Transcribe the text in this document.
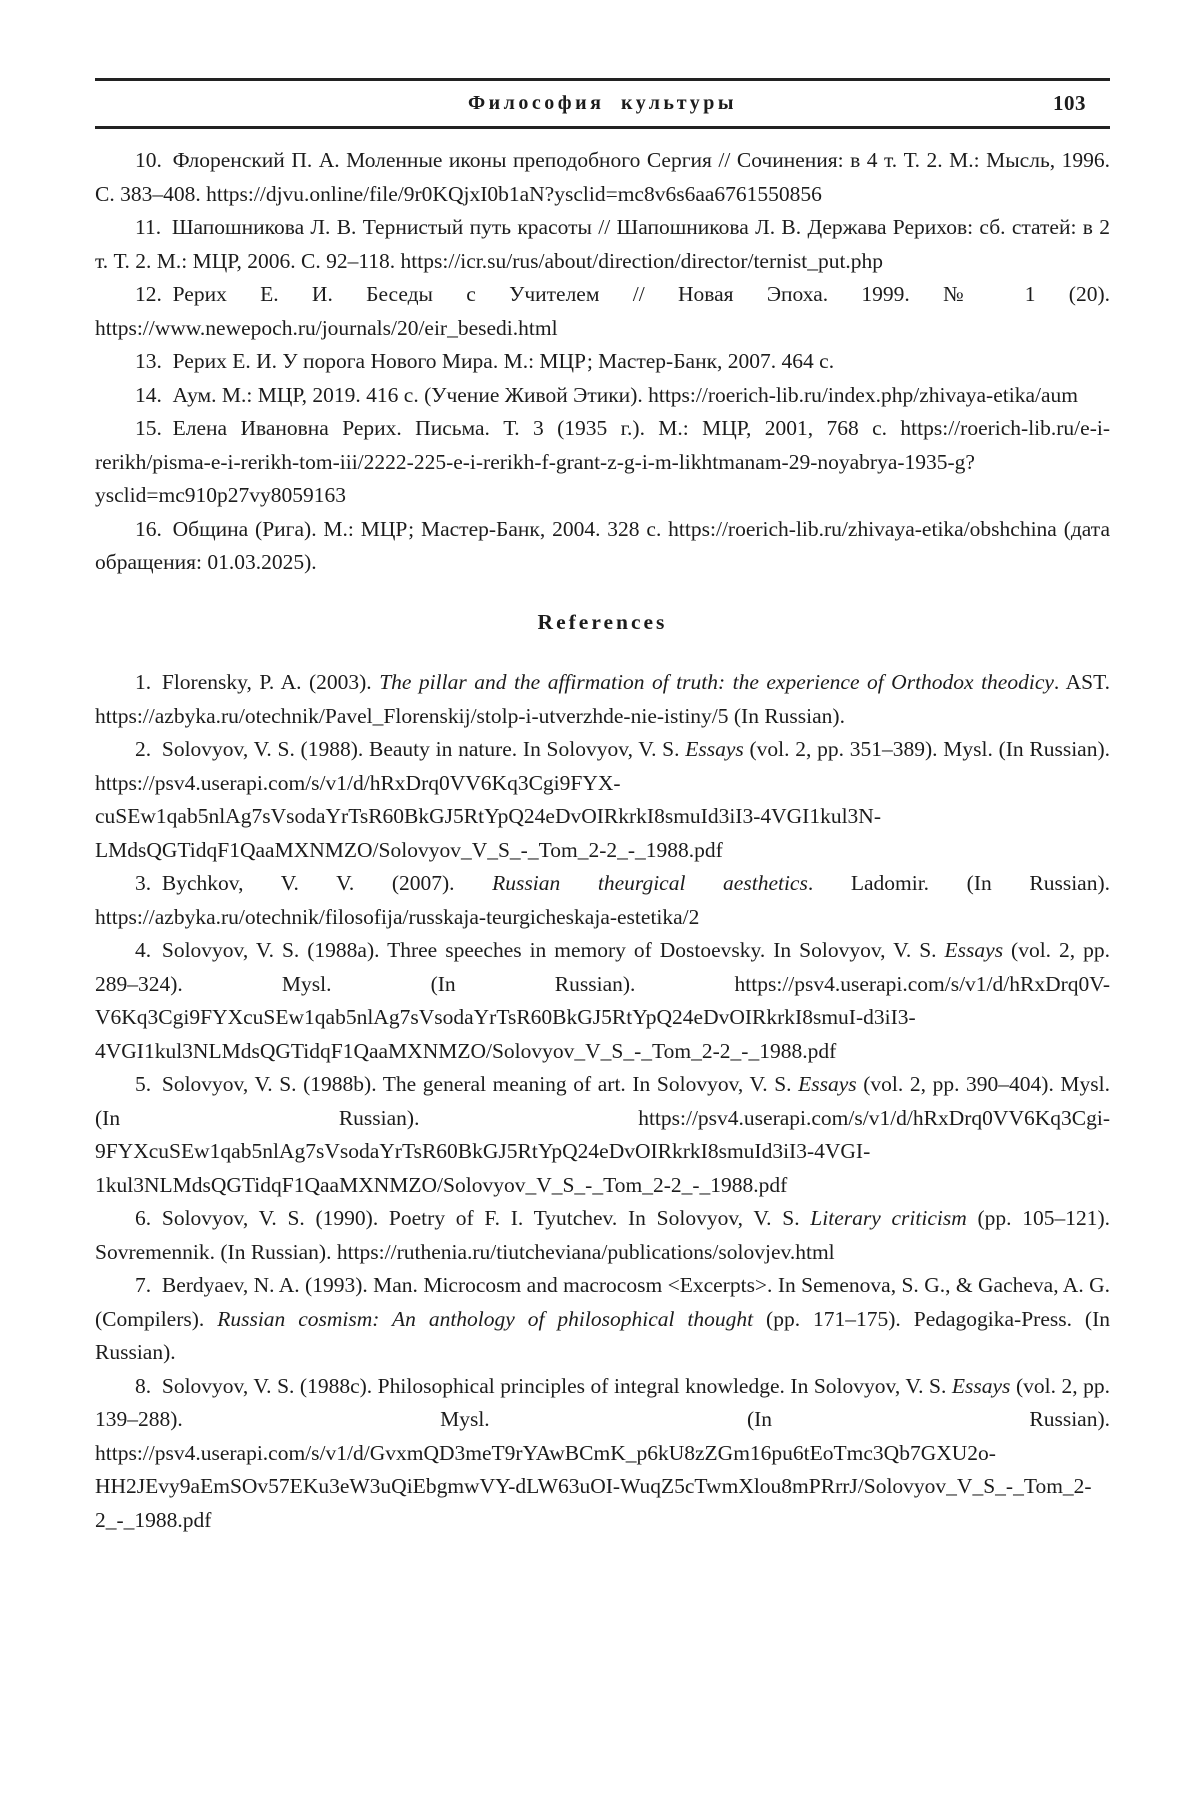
Философия культуры	103

10. Флоренский П. А. Моленные иконы преподобного Сергия // Сочинения: в 4 т. Т. 2. М.: Мысль, 1996. С. 383–408. https://djvu.online/file/9r0KQjxI0b1aN?ysclid=mc8v6s6aa6761550856

11. Шапошникова Л. В. Тернистый путь красоты // Шапошникова Л. В. Держава Рерихов: сб. статей: в 2 т. Т. 2. М.: МЦР, 2006. С. 92–118. https://icr.su/rus/about/direction/director/ternist_put.php

12. Рерих Е. И. Беседы с Учителем // Новая Эпоха. 1999. № 1 (20). https://www.newepoch.ru/journals/20/eir_besedi.html

13. Рерих Е. И. У порога Нового Мира. М.: МЦР; Мастер-Банк, 2007. 464 с.

14. Аум. М.: МЦР, 2019. 416 с. (Учение Живой Этики). https://roerich-lib.ru/index.php/zhivaya-etika/aum

15. Елена Ивановна Рерих. Письма. Т. 3 (1935 г.). М.: МЦР, 2001, 768 с. https://roerich-lib.ru/e-i-rerikh/pisma-e-i-rerikh-tom-iii/2222-225-e-i-rerikh-f-grant-z-g-i-m-likhtmanam-29-noyabrya-1935-g?ysclid=mc910p27vy8059163

16. Община (Рига). М.: МЦР; Мастер-Банк, 2004. 328 с. https://roerich-lib.ru/zhivaya-etika/obshchina (дата обращения: 01.03.2025).

References

1. Florensky, P. A. (2003). The pillar and the affirmation of truth: the experience of Orthodox theodicy. AST. https://azbyka.ru/otechnik/Pavel_Florenskij/stolp-i-utverzhde-nie-istiny/5 (In Russian).

2. Solovyov, V. S. (1988). Beauty in nature. In Solovyov, V. S. Essays (vol. 2, pp. 351–389). Mysl. (In Russian). https://psv4.userapi.com/s/v1/d/hRxDrq0VV6Kq3Cgi9FYX-cuSEw1qab5nlAg7sVsodaYrTsR60BkGJ5RtYpQ24eDvOIRkrkI8smuId3iI3-4VGI1kul3N-LMdsQGTidqF1QaaMXNMZO/Solovyov_V_S_-_Tom_2-2_-_1988.pdf

3. Bychkov, V. V. (2007). Russian theurgical aesthetics. Ladomir. (In Russian). https://azbyka.ru/otechnik/filosofija/russkaja-teurgicheskaja-estetika/2

4. Solovyov, V. S. (1988a). Three speeches in memory of Dostoevsky. In Solovyov, V. S. Essays (vol. 2, pp. 289–324). Mysl. (In Russian). https://psv4.userapi.com/s/v1/d/hRxDrq0V-V6Kq3Cgi9FYXcuSEw1qab5nlAg7sVsodaYrTsR60BkGJ5RtYpQ24eDvOIRkrkI8smuI-d3iI3-4VGI1kul3NLMdsQGTidqF1QaaMXNMZO/Solovyov_V_S_-_Tom_2-2_-_1988.pdf

5. Solovyov, V. S. (1988b). The general meaning of art. In Solovyov, V. S. Essays (vol. 2, pp. 390–404). Mysl. (In Russian). https://psv4.userapi.com/s/v1/d/hRxDrq0VV6Kq3Cgi-9FYXcuSEw1qab5nlAg7sVsodaYrTsR60BkGJ5RtYpQ24eDvOIRkrkI8smuId3iI3-4VGI-1kul3NLMdsQGTidqF1QaaMXNMZO/Solovyov_V_S_-_Tom_2-2_-_1988.pdf

6. Solovyov, V. S. (1990). Poetry of F. I. Tyutchev. In Solovyov, V. S. Literary criticism (pp. 105–121). Sovremennik. (In Russian). https://ruthenia.ru/tiutcheviana/publications/solovjev.html

7. Berdyaev, N. A. (1993). Man. Microcosm and macrocosm <Excerpts>. In Semenova, S. G., & Gacheva, A. G. (Compilers). Russian cosmism: An anthology of philosophical thought (pp. 171–175). Pedagogika-Press. (In Russian).

8. Solovyov, V. S. (1988c). Philosophical principles of integral knowledge. In Solovyov, V. S. Essays (vol. 2, pp. 139–288). Mysl. (In Russian). https://psv4.userapi.com/s/v1/d/GvxmQD3meT9rYAwBCmK_p6kU8zZGm16pu6tEoTmc3Qb7GXU2o-HH2JEvy9aEmSOv57EKu3eW3uQiEbgmwVY-dLW63uOI-WuqZ5cTwmXlou8mPRrrJ/Solovyov_V_S_-_Tom_2-2_-_1988.pdf
